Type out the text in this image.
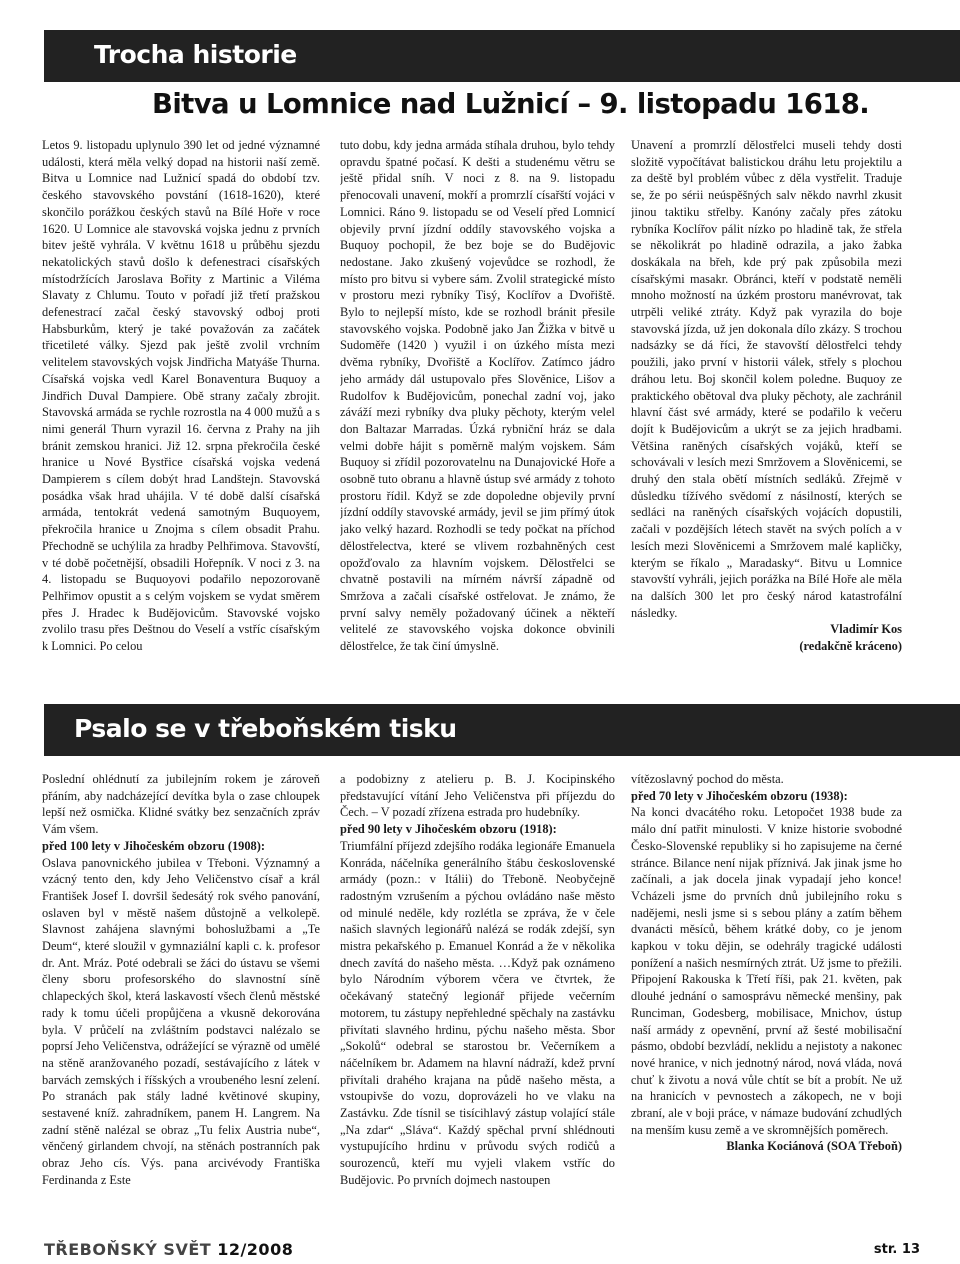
Trocha historie
Bitva u Lomnice nad Lužnicí – 9. listopadu 1618.

Letos 9. listopadu uplynulo 390 let od jedné významné události, která měla velký dopad na historii naší země. Bitva u Lomnice nad Lužnicí spadá do období tzv. českého stavovského povstání (1618-1620), které skončilo porážkou českých stavů na Bílé Hoře v roce 1620. U Lomnice ale stavovská vojska jednu z prvních bitev ještě vyhrála. V květnu 1618 u průběhu sjezdu nekatolických stavů došlo k defenestraci císařských místodržících Jaroslava Bořity z Martinic a Viléma Slavaty z Chlumu. Touto v pořadí již třetí pražskou defenestrací začal český stavovský odboj proti Habsburkům, který je také považován za začátek třicetileté války. Sjezd pak ještě zvolil vrchním velitelem stavovských vojsk Jindřicha Matyáše Thurna. Císařská vojska vedl Karel Bonaventura Buquoy a Jindřich Duval Dampiere. Obě strany začaly zbrojit. Stavovská armáda se rychle rozrostla na 4 000 mužů a s nimi generál Thurn vyrazil 16. června z Prahy na jih bránit zemskou hranici. Již 12. srpna překročila české hranice u Nové Bystřice císařská vojska vedená Dampierem s cílem dobýt hrad Landštejn. Stavovská posádka však hrad uhájila. V té době další císařská armáda, tentokrát vedená samotným Buquoyem, překročila hranice u Znojma s cílem obsadit Prahu. Přechodně se uchýlila za hradby Pelhřimova. Stavovští, v té době početnější, obsadili Hořepník. V noci z 3. na 4. listopadu se Buquoyovi podařilo nepozorovaně Pelhřimov opustit a s celým vojskem se vydat směrem přes J. Hradec k Budějovicům. Stavovské vojsko zvolilo trasu přes Deštnou do Veselí a vstříc císařským k Lomnici. Po celou

tuto dobu, kdy jedna armáda stíhala druhou, bylo tehdy opravdu špatné počasí. K dešti a studenému větru se ještě přidal sníh. V noci z 8. na 9. listopadu přenocovali unavení, mokří a promrzlí císařští vojáci v Lomnici. Ráno 9. listopadu se od Veselí před Lomnicí objevily první jízdní oddíly stavovského vojska a Buquoy pochopil, že bez boje se do Budějovic nedostane. Jako zkušený vojevůdce se rozhodl, že místo pro bitvu si vybere sám. Zvolil strategické místo v prostoru mezi rybníky Tisý, Koclířov a Dvořiště. Bylo to nejlepší místo, kde se rozhodl bránit přesile stavovského vojska. Podobně jako Jan Žižka v bitvě u Sudoměře (1420 ) využil i on úzkého místa mezi dvěma rybníky, Dvořiště a Koclířov. Zatímco jádro jeho armády dál ustupovalo přes Slověnice, Lišov a Rudolfov k Budějovicům, ponechal zadní voj, jako záváží mezi rybníky dva pluky pěchoty, kterým velel don Baltazar Marradas. Úzká rybniční hráz se dala velmi dobře hájit s poměrně malým vojskem. Sám Buquoy si zřídil pozorovatelnu na Dunajovické Hoře a osobně tuto obranu a hlavně ústup své armády z tohoto prostoru řídil. Když se zde dopoledne objevily první jízdní oddíly stavovské armády, jevil se jim přímý útok jako velký hazard. Rozhodli se tedy počkat na příchod dělostřelectva, které se vlivem rozbahněných cest opožďovalo za hlavním vojskem. Dělostřelci se chvatně postavili na mírném návrší západně od Smržova a začali císařské ostřelovat. Je známo, že první salvy neměly požadovaný účinek a někteří velitelé ze stavovského vojska dokonce obvinili dělostřelce, že tak činí úmyslně.

Unavení a promrzlí dělostřelci museli tehdy dosti složitě vypočítávat balistickou dráhu letu projektilu a za deště byl problém vůbec z děla vystřelit. Traduje se, že po sérii neúspěšných salv někdo navrhl zkusit jinou taktiku střelby. Kanóny začaly přes zátoku rybníka Koclířov pálit nízko po hladině tak, že střela se několikrát po hladině odrazila, a jako žabka doskákala na břeh, kde prý pak způsobila mezi císařskými masakr. Obránci, kteří v podstatě neměli mnoho možností na úzkém prostoru manévrovat, tak utrpěli veliké ztráty. Když pak vyrazila do boje stavovská jízda, už jen dokonala dílo zkázy. S trochou nadsázky se dá říci, že stavovští dělostřelci tehdy použili, jako první v historii válek, střely s plochou dráhou letu. Boj skončil kolem poledne. Buquoy ze praktického obětoval dva pluky pěchoty, ale zachránil hlavní část své armády, které se podařilo k večeru dojít k Budějovicům a ukrýt se za jejich hradbami. Většina raněných císařských vojáků, kteří se schovávali v lesích mezi Smržovem a Slověnicemi, se druhý den stala obětí místních sedláků. Zřejmě v důsledku tížívého svědomí z násilností, kterých se sedláci na raněných císařských vojácích dopustili, začali v pozdějších létech stavět na svých polích a v lesích mezi Slověnicemi a Smržovem malé kapličky, kterým se říkalo „ Maradasky“. Bitvu u Lomnice stavovští vyhráli, jejich porážka na Bílé Hoře ale měla na dalších 300 let pro český národ katastrofální následky.

Vladimír Kos

(redakčně kráceno)

Psalo se v třeboňském tisku

Poslední ohlédnutí za jubilejním rokem je zároveň přáním, aby nadcházející devítka byla o zase chloupek lepší než osmička. Klidné svátky bez senzačních zpráv Vám všem.

před 100 lety v Jihočeském obzoru (1908):

Oslava panovnického jubilea v Třeboni. Významný a vzácný tento den, kdy Jeho Veličenstvo císař a král František Josef I. dovršil šedesátý rok svého panování, oslaven byl v městě našem důstojně a velkolepě. Slavnost zahájena slavnými bohoslužbami a „Te Deum“, které sloužil v gymnaziální kapli c. k. profesor dr. Ant. Mráz. Poté odebrali se žáci do ústavu se všemi členy sboru profesorského do slavnostní síně chlapeckých škol, která laskavostí všech členů městské rady k tomu účeli propůjčena a vkusně dekorována byla. V průčelí na zvláštním podstavci nalézalo se poprsí Jeho Veličenstva, odrážející se výrazně od umělé na stěně aranžovaného pozadí, sestávajícího z látek v barvách zemských i říšských a vroubeného lesní zelení. Po stranách pak stály ladné květinové skupiny, sestavené kníž. zahradníkem, panem H. Langrem. Na zadní stěně nalézal se obraz „Tu felix Austria nube“, věnčený girlandem chvojí, na stěnách postranních pak obraz Jeho cís. Výs. pana arcivévody Františka Ferdinanda z Este

a podobizny z atelieru p. B. J. Kocipinského představující vítání Jeho Veličenstva při příjezdu do Čech. – V pozadí zřízena estrada pro hudebníky.

před 90 lety v Jihočeském obzoru (1918):

Triumfální příjezd zdejšího rodáka legionáře Emanuela Konráda, náčelníka generálního štábu československé armády (pozn.: v Itálii) do Třeboně. Neobyčejně radostným vzrušením a pýchou ovládáno naše město od minulé neděle, kdy rozlétla se zpráva, že v čele našich slavných legionářů nalézá se rodák zdejší, syn mistra pekařského p. Emanuel Konrád a že v několika dnech zavítá do našeho města. …Když pak oznámeno bylo Národním výborem včera ve čtvrtek, že očekávaný statečný legionář přijede večerním motorem, tu zástupy nepřehledné spěchaly na zastávku přivítati slavného hrdinu, pýchu našeho města. Sbor „Sokolů“ odebral se starostou br. Večerníkem a náčelníkem br. Adamem na hlavní nádraží, kdež první přivítali drahého krajana na půdě našeho města, a vstoupivše do vozu, doprovázeli ho ve vlaku na Zastávku. Zde tísnil se tisícihlavý zástup volající stále „Na zdar“ „Sláva“. Každý spěchal první shlédnouti vystupujícího hrdinu v průvodu svých rodičů a sourozenců, kteří mu vyjeli vlakem vstříc do Budějovic. Po prvních dojmech nastoupen

vítězoslavný pochod do města.

před 70 lety v Jihočeském obzoru (1938):

Na konci dvacátého roku. Letopočet 1938 bude za málo dní patřit minulosti. V knize historie svobodné Česko-Slovenské republiky si ho zapisujeme na černé stránce. Bilance není nijak příznivá. Jak jinak jsme ho začínali, a jak docela jinak vypadají jeho konce! Vcházeli jsme do prvních dnů jubilejního roku s nadějemi, nesli jsme si s sebou plány a zatím během dvanácti měsíců, během krátké doby, co je jenom kapkou v toku dějin, se odehrály tragické události ponížení a našich nesmírných ztrát. Už jsme to přežili. Připojení Rakouska k Třetí říši, pak 21. květen, pak dlouhé jednání o samosprávu německé menšiny, pak Runciman, Godesberg, mobilisace, Mnichov, ústup naší armády z opevnění, první až šesté mobilisační pásmo, období bezvládí, neklidu a nejistoty a nakonec nové hranice, v nich jednotný národ, nová vláda, nová chuť k životu a nová vůle chtít se bít a probít. Ne už na hranicích v pevnostech a zákopech, ne v boji zbraní, ale v boji práce, v námaze budování zchudlých na menším kusu země a ve skromnějších poměrech.

Blanka Kociánová (SOA Třeboň)

TŘEBOŇSKÝ SVĚT 12/2008	str. 13
